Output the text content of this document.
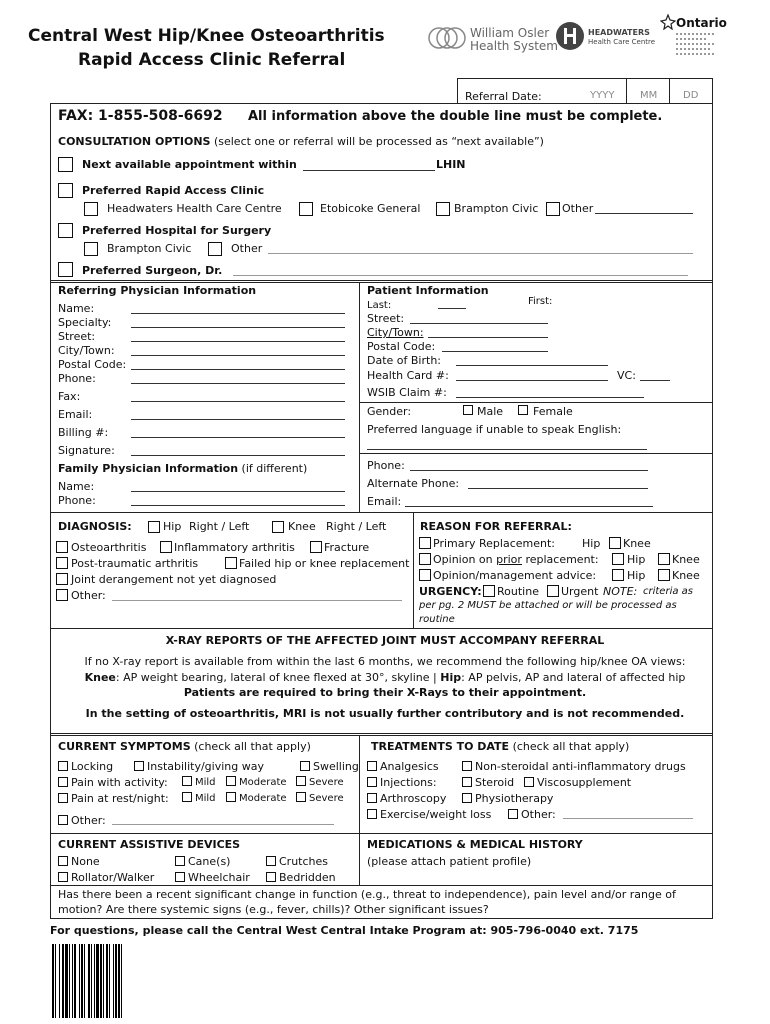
Central West Hip/Knee Osteoarthritis
Rapid Access Clinic Referral
William Osler
Health System
HEADWATERS
Health Care Centre
Ontario
Referral Date:	YYYY	MM	DD
FAX: 1-855-508-6692 All information above the double line must be complete.
CONSULTATION OPTIONS (select one or referral will be processed as “next available”)
Next available appointment within	LHIN
Preferred Rapid Access Clinic
Headwaters Health Care Centre	Etobicoke General	Brampton Civic Other
Preferred Hospital for Surgery
Brampton Civic	Other
Preferred Surgeon, Dr.
Referring Physician Information
Name:
Specialty:
Street:
City/Town:
Postal Code:
Phone:
Fax:
Email:
Billing #:
Signature:
Family Physician Information (if different)
Name:
Phone:
Patient Information
Last:	First:
Street:
City/Town:
Postal Code:
Date of Birth:
Health Card #:	VC:
WSIB Claim #:
Gender:	Male	Female
Preferred language if unable to speak English:
Phone:
Alternate Phone:
Email:
DIAGNOSIS:	Hip Right / Left	Knee Right / Left
Osteoarthritis	Inflammatory arthritis	Fracture
Post-traumatic arthritis	Failed hip or knee replacement
Joint derangement not yet diagnosed
Other:
REASON FOR REFERRAL:
Primary Replacement: Hip Knee
Opinion on prior replacement:	Hip Knee
Opinion/management advice:	Hip Knee
URGENCY: Routine Urgent NOTE: criteria as
per pg. 2 MUST be attached or will be processed as
routine
X-RAY REPORTS OF THE AFFECTED JOINT MUST ACCOMPANY REFERRAL
If no X-ray report is available from within the last 6 months, we recommend the following hip/knee OA views:
Knee: AP weight bearing, lateral of knee flexed at 30°, skyline | Hip: AP pelvis, AP and lateral of affected hip
Patients are required to bring their X-Rays to their appointment.
In the setting of osteoarthritis, MRI is not usually further contributory and is not recommended.
CURRENT SYMPTOMS (check all that apply)
Locking	Instability/giving way	Swelling
Pain with activity:	Mild	Moderate	Severe
Pain at rest/night:	Mild	Moderate	Severe
Other:
TREATMENTS TO DATE (check all that apply)
Analgesics	Non-steroidal anti-inflammatory drugs
Injections:	Steroid	Viscosupplement
Arthroscopy	Physiotherapy
Exercise/weight loss	Other:
CURRENT ASSISTIVE DEVICES
None	Cane(s)	Crutches
Rollator/Walker	Wheelchair	Bedridden
MEDICATIONS & MEDICAL HISTORY
(please attach patient profile)
Has there been a recent significant change in function (e.g., threat to independence), pain level and/or range of
motion? Are there systemic signs (e.g., fever, chills)? Other significant issues?
For questions, please call the Central West Central Intake Program at: 905-796-0040 ext. 7175
